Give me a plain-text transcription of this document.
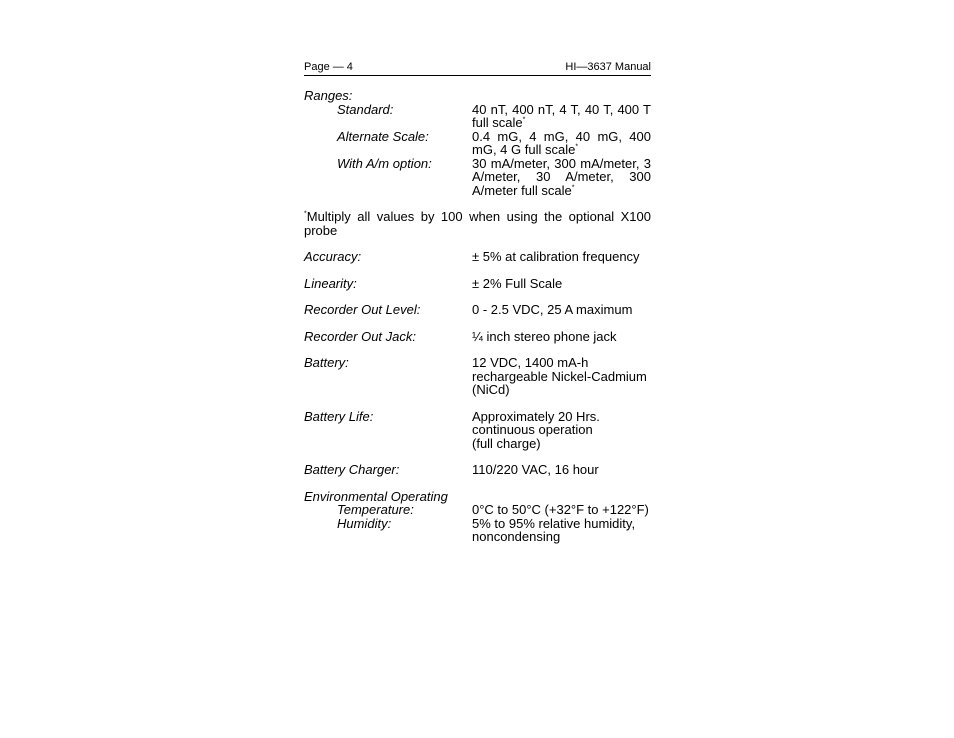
Page — 4	HI—3637 Manual
Ranges:
Standard:	40 nT, 400 nT, 4 T, 40 T, 400 T full scale*
Alternate Scale:	0.4 mG, 4 mG, 40 mG, 400 mG, 4 G full scale*
With A/m option:	30 mA/meter, 300 mA/meter, 3 A/meter, 30 A/meter, 300 A/meter full scale*
*Multiply all values by 100 when using the optional X100 probe
Accuracy:	± 5% at calibration frequency
Linearity:	± 2% Full Scale
Recorder Out Level:	0 - 2.5 VDC, 25 A maximum
Recorder Out Jack:	¼ inch stereo phone jack
Battery:	12 VDC, 1400 mA-h rechargeable Nickel-Cadmium (NiCd)
Battery Life:	Approximately 20 Hrs. continuous operation
(full charge)
Battery Charger:	110/220 VAC, 16 hour
Environmental Operating
Temperature:	0°C to 50°C (+32°F to +122°F)
Humidity:	5% to 95% relative humidity, noncondensing
